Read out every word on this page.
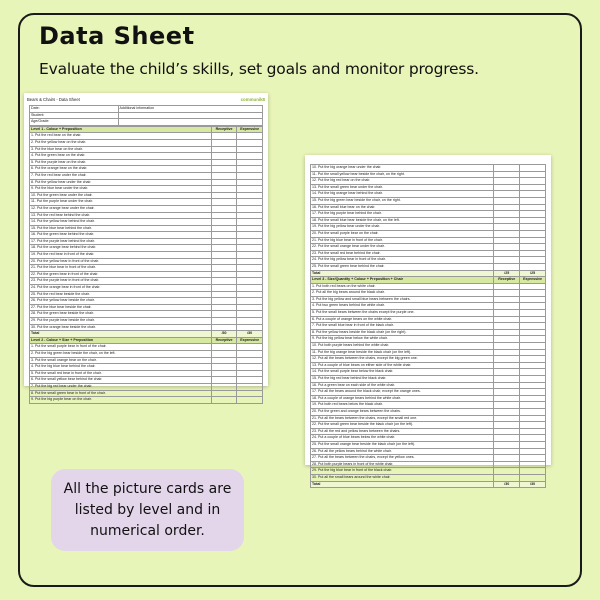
Data Sheet
Evaluate the child’s skills, set goals and monitor progress.
Bears & Chairs - Data Sheet	communik8
Date:	Additional information
Student:	
Age/Grade:	
Level 1 - Colour + Preposition	Receptive	Expressive
1. Put the red bear on the chair.		
2. Put the yellow bear on the chair.		
3. Put the blue bear on the chair.		
4. Put the green bear on the chair.		
5. Put the purple bear on the chair.		
6. Put the orange bear on the chair.		
7. Put the red bear under the chair.		
8. Put the yellow bear under the chair.		
9. Put the blue bear under the chair.		
10. Put the green bear under the chair.		
11. Put the purple bear under the chair.		
12. Put the orange bear under the chair.		
13. Put the red bear behind the chair.		
14. Put the yellow bear behind the chair.		
15. Put the blue bear behind the chair.		
16. Put the green bear behind the chair.		
17. Put the purple bear behind the chair.		
18. Put the orange bear behind the chair.		
19. Put the red bear in front of the chair.		
20. Put the yellow bear in front of the chair.		
21. Put the blue bear in front of the chair.		
22. Put the green bear in front of the chair.		
23. Put the purple bear in front of the chair.		
24. Put the orange bear in front of the chair.		
25. Put the red bear beside the chair.		
26. Put the yellow bear beside the chair.		
27. Put the blue bear beside the chair.		
28. Put the green bear beside the chair.		
29. Put the purple bear beside the chair.		
30. Put the orange bear beside the chair.		
Total	/30	/30
Level 2 - Colour + Size + Preposition	Receptive	Expressive
1. Put the small purple bear in front of the chair.		
2. Put the big green bear beside the chair, on the left.		
3. Put the small orange bear on the chair.		
4. Put the big blue bear behind the chair.		
5. Put the small red bear in front of the chair.		
6. Put the small yellow bear behind the chair.		
7. Put the big red bear under the chair.		
8. Put the small green bear in front of the chair.		
9. Put the big purple bear on the chair.		
10. Put the big orange bear under the chair.		
11. Put the small yellow bear beside the chair, on the right.		
12. Put the big red bear on the chair.		
13. Put the small green bear under the chair.		
14. Put the big orange bear behind the chair.		
15. Put the big green bear beside the chair, on the right.		
16. Put the small blue bear on the chair.		
17. Put the big purple bear behind the chair.		
18. Put the small blue bear beside the chair, on the left.		
19. Put the big yellow bear under the chair.		
20. Put the small purple bear on the chair.		
21. Put the big blue bear in front of the chair.		
22. Put the small orange bear under the chair.		
23. Put the small red bear behind the chair.		
24. Put the big yellow bear in front of the chair.		
25. Put the small green bear behind the chair.		
Total	/25	/25
Level 3 - Size/Quantity + Colour + Preposition + Chair	Receptive	Expressive
1. Put both red bears on the white chair.		
2. Put all the big bears around the black chair.		
3. Put the big yellow and small blue bears between the chairs.		
4. Put two green bears behind the white chair.		
5. Put the small bears between the chairs except the purple one.		
6. Put a couple of orange bears on the white chair.		
7. Put the small blue bear in front of the black chair.		
8. Put the yellow bears beside the black chair (on the right).		
9. Put the big yellow bear below the white chair.		
10. Put both purple bears behind the white chair.		
11. Put the big orange bear beside the black chair (on the left).		
12. Put all the bears between the chairs, except the big green one.		
13. Put a couple of blue bears on either side of the white chair.		
14. Put the small purple bear below the black chair.		
15. Put the big red bear behind the black chair.		
16. Put a green bear on each side of the white chair.		
17. Put all the bears around the black chair, except the orange ones.		
18. Put a couple of orange bears behind the white chair.		
19. Put both red bears below the black chair.		
20. Put the green and orange bears between the chairs.		
21. Put all the bears between the chairs, except the small red one.		
22. Put the small green bear beside the black chair (on the left).		
23. Put all the red and yellow bears between the chairs.		
24. Put a couple of blue bears below the white chair.		
25. Put the small orange bear beside the black chair (on the left).		
26. Put all the yellow bears behind the white chair.		
27. Put all the bears between the chairs, except the yellow ones.		
28. Put both purple bears in front of the white chair.		
29. Put the big blue bear in front of the black chair.		
30. Put all the small bears around the white chair.		
Total	/30	/30
All the picture cards are listed by level and in numerical order.
